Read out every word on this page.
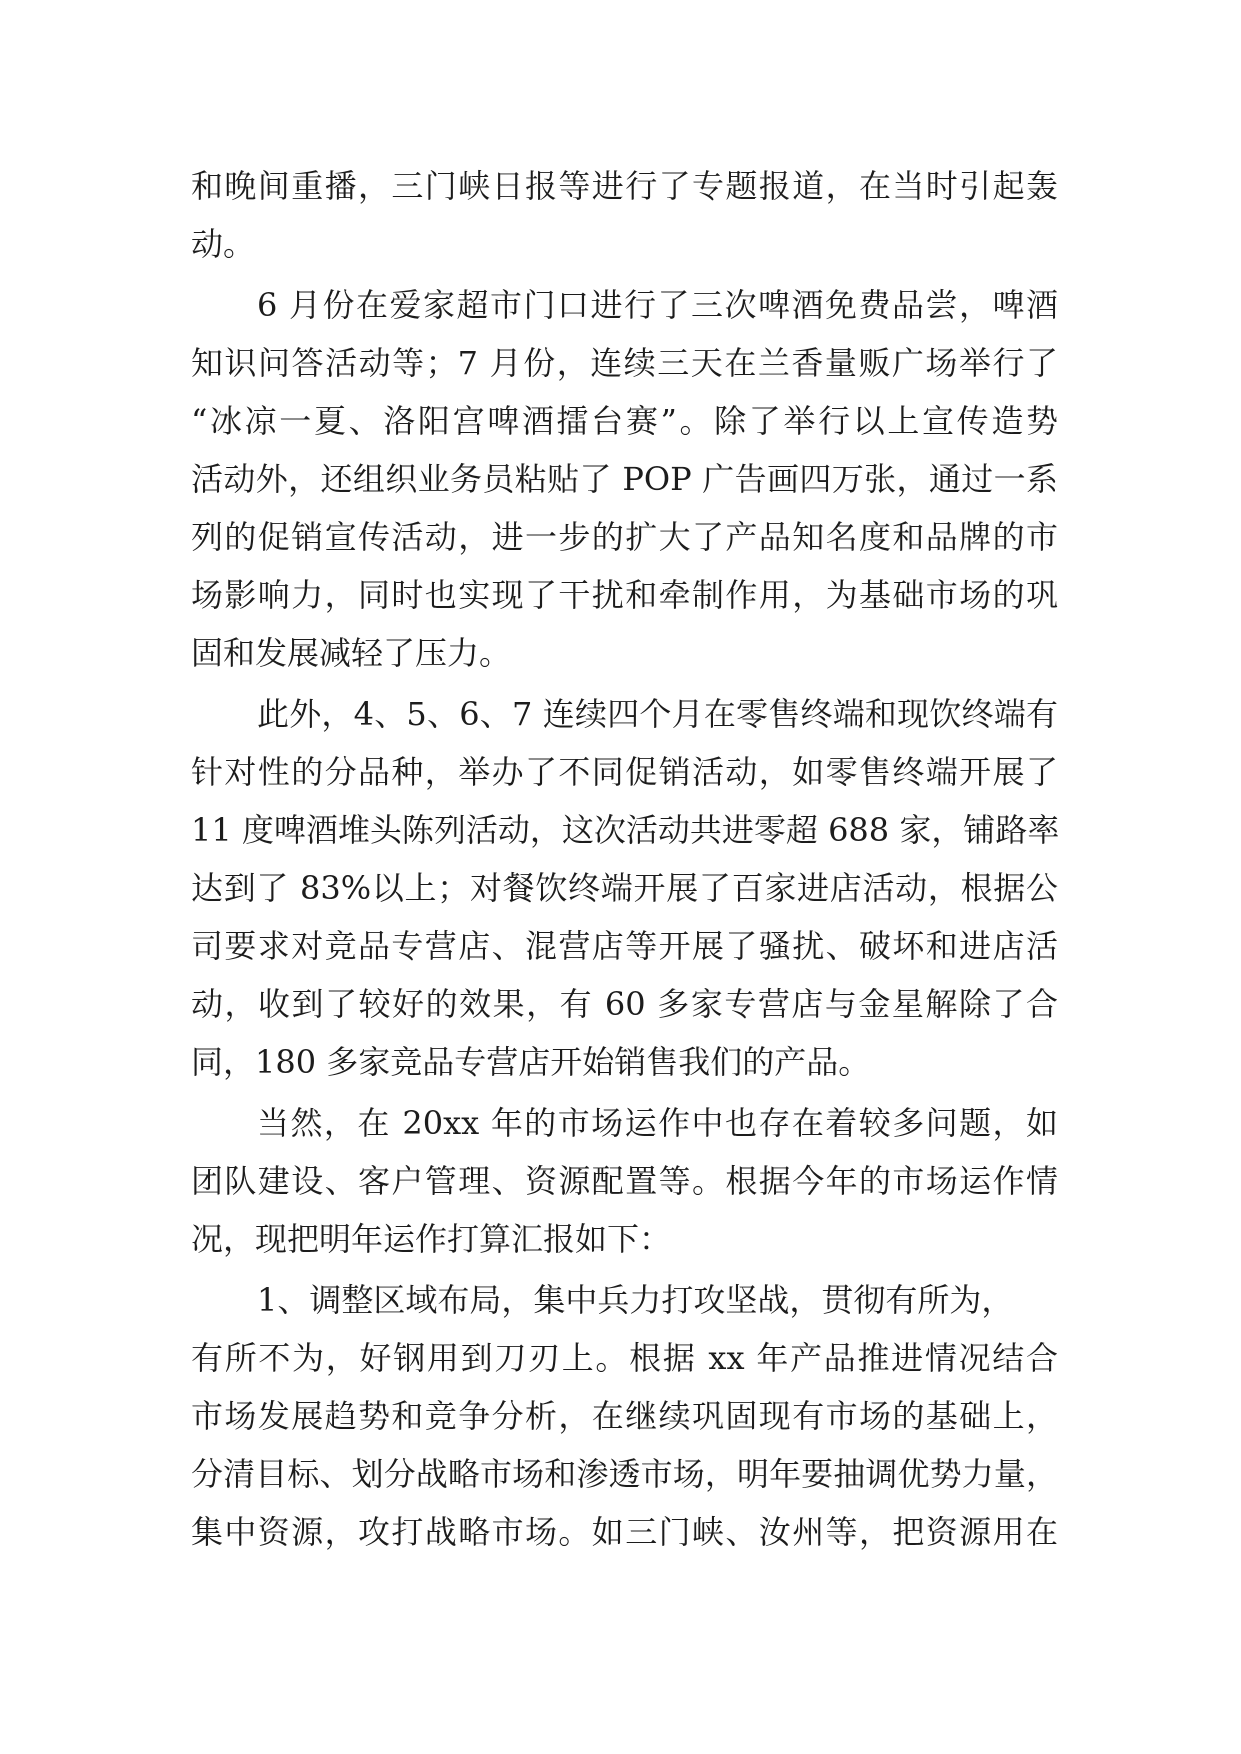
和晚间重播，三门峡日报等进行了专题报道，在当时引起轰
动。
6 月份在爱家超市门口进行了三次啤酒免费品尝，啤酒
知识问答活动等；7 月份，连续三天在兰香量贩广场举行了
“冰凉一夏、洛阳宫啤酒擂台赛”。除了举行以上宣传造势
活动外，还组织业务员粘贴了 POP 广告画四万张，通过一系
列的促销宣传活动，进一步的扩大了产品知名度和品牌的市
场影响力，同时也实现了干扰和牵制作用，为基础市场的巩
固和发展减轻了压力。
此外，4、5、6、7 连续四个月在零售终端和现饮终端有
针对性的分品种，举办了不同促销活动，如零售终端开展了
11 度啤酒堆头陈列活动，这次活动共进零超 688 家，铺路率
达到了 83%以上；对餐饮终端开展了百家进店活动，根据公
司要求对竞品专营店、混营店等开展了骚扰、破坏和进店活
动，收到了较好的效果，有 60 多家专营店与金星解除了合
同，180 多家竞品专营店开始销售我们的产品。
当然，在 20xx 年的市场运作中也存在着较多问题，如
团队建设、客户管理、资源配置等。根据今年的市场运作情
况，现把明年运作打算汇报如下：
1、调整区域布局，集中兵力打攻坚战，贯彻有所为，
有所不为，好钢用到刀刃上。根据 xx 年产品推进情况结合
市场发展趋势和竞争分析，在继续巩固现有市场的基础上，
分清目标、划分战略市场和渗透市场，明年要抽调优势力量，
集中资源，攻打战略市场。如三门峡、汝州等，把资源用在
